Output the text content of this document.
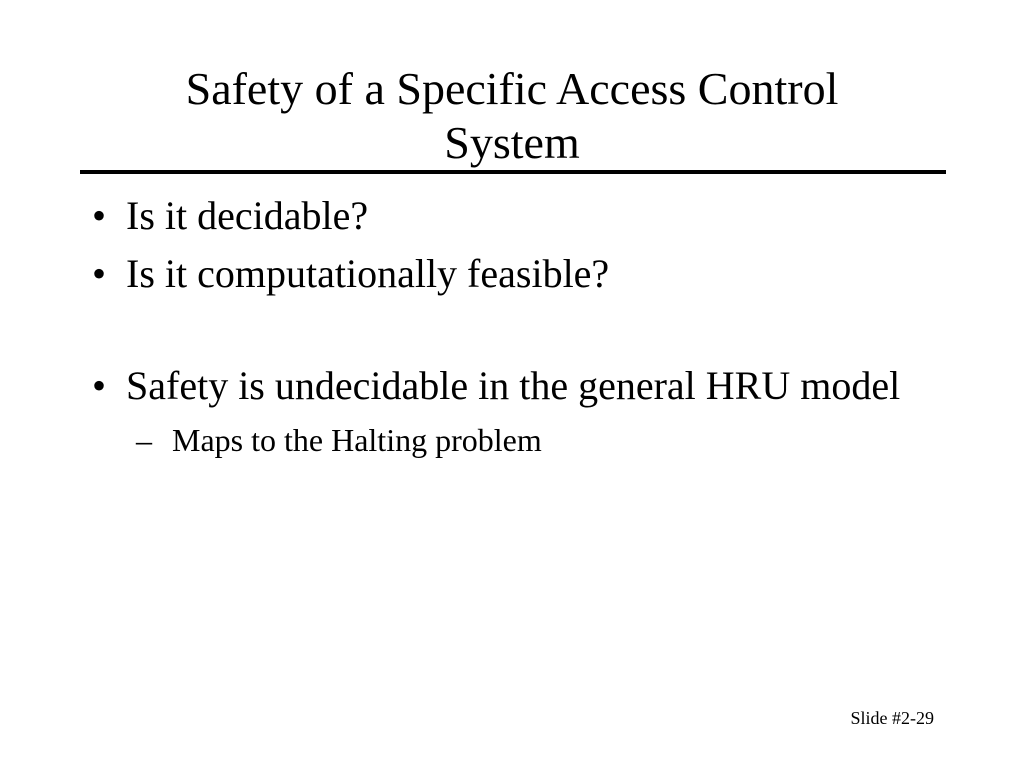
Safety of a Specific Access Control
System
• Is it decidable?
• Is it computationally feasible?
• Safety is undecidable in the general HRU model
– Maps to the Halting problem
Slide #2-29
